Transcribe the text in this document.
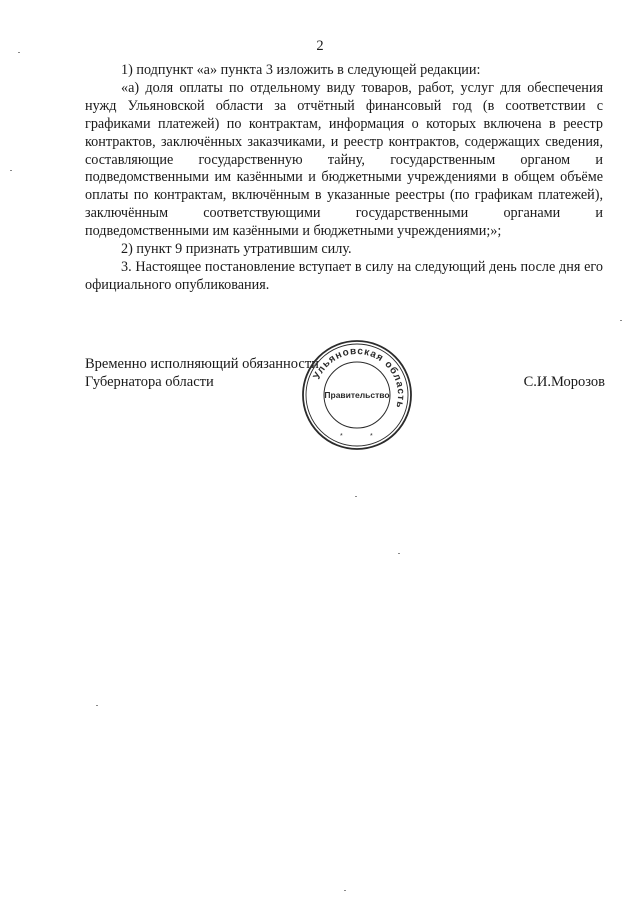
2

1) подпункт «а» пункта 3 изложить в следующей редакции:

«а) доля оплаты по отдельному виду товаров, работ, услуг для обеспечения нужд Ульяновской области за отчётный финансовый год (в соответствии с графиками платежей) по контрактам, информация о которых включена в реестр контрактов, заключённых заказчиками, и реестр контрактов, содержащих сведения, составляющие государственную тайну, государственным органом и подведомственными им казёнными и бюджетными учреждениями в общем объёме оплаты по контрактам, включённым в указанные реестры (по графикам платежей), заключённым соответствующими государственными органами и подведомственными им казёнными и бюджетными учреждениями;»;

2) пункт 9 признать утратившим силу.

3. Настоящее постановление вступает в силу на следующий день после дня его официального опубликования.

Временно исполняющий обязанности
Губернатора области	С.И.Морозов
Ульяновская область
Правительство
*	*
